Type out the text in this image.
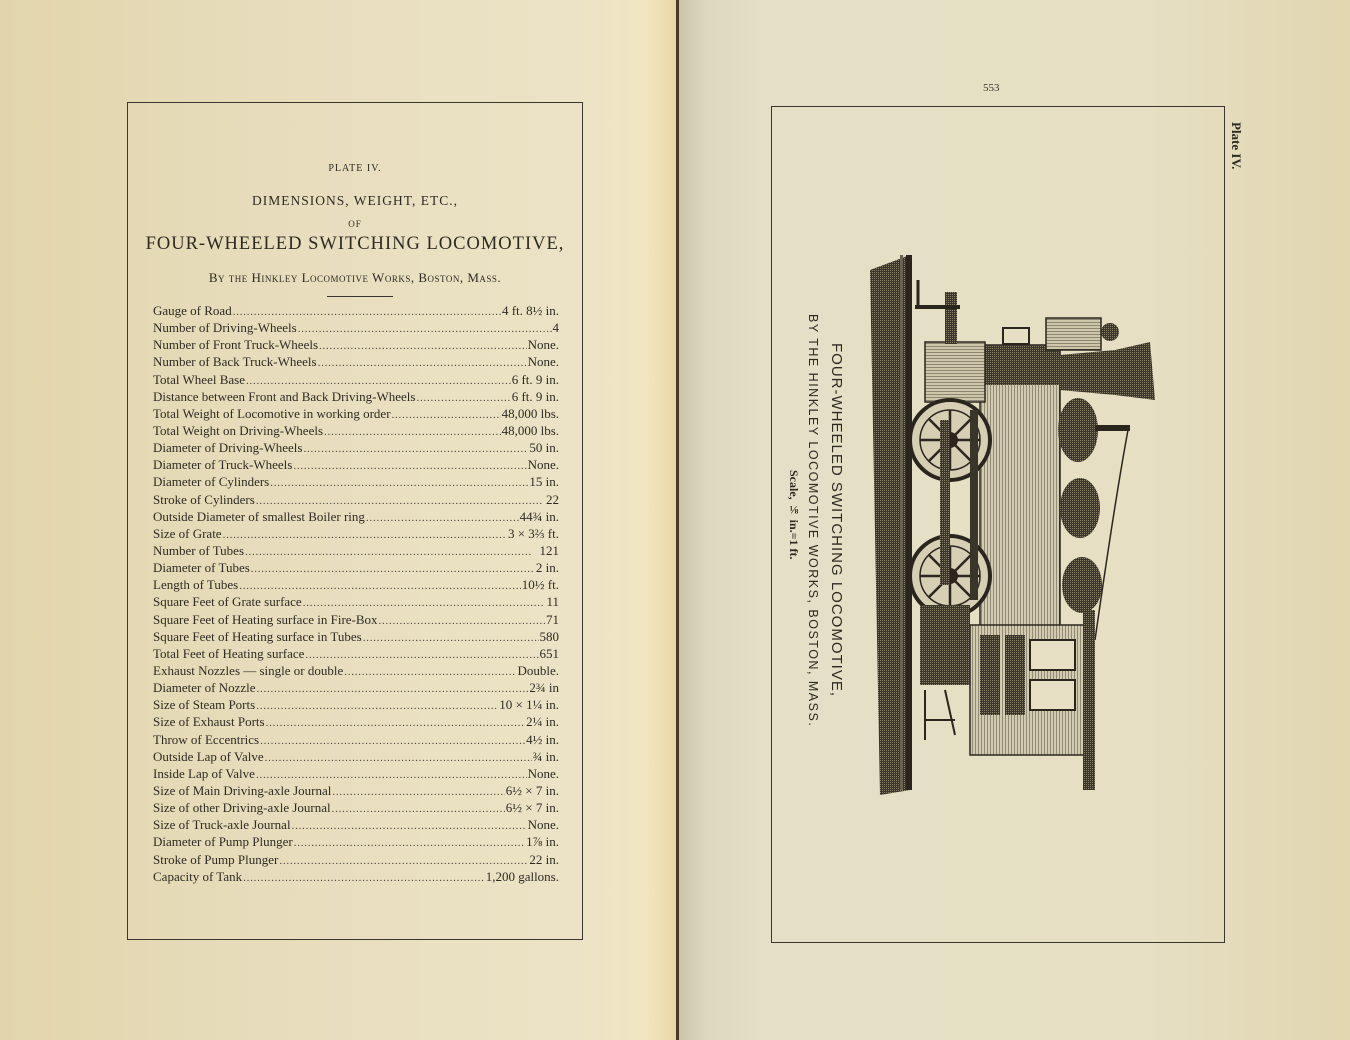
PLATE IV.
DIMENSIONS, WEIGHT, ETC.,
OF
FOUR-WHEELED SWITCHING LOCOMOTIVE,
By the Hinkley Locomotive Works, Boston, Mass.
Gauge of Road . . .	4 ft. 8½ in.
Number of Driving-Wheels . . .	4
Number of Front Truck-Wheels . . .	None.
Number of Back Truck-Wheels . . .	None.
Total Wheel Base . . .	6 ft. 9 in.
Distance between Front and Back Driving-Wheels . . .	6 ft. 9 in.
Total Weight of Locomotive in working order . . .	48,000 lbs.
Total Weight on Driving-Wheels . . .	48,000 lbs.
Diameter of Driving-Wheels . . .	50 in.
Diameter of Truck-Wheels . . .	None.
Diameter of Cylinders . . .	15 in.
Stroke of Cylinders . . .	22
Outside Diameter of smallest Boiler ring . . .	44¾ in.
Size of Grate . . .	3 × 3⅔ ft.
Number of Tubes . . .	121
Diameter of Tubes . . .	2 in.
Length of Tubes . . .	10½ ft.
Square Feet of Grate surface . . .	11
Square Feet of Heating surface in Fire-Box . . .	71
Square Feet of Heating surface in Tubes . . .	580
Total Feet of Heating surface . . .	651
Exhaust Nozzles — single or double . . .	Double.
Diameter of Nozzle . . .	2¾ in
Size of Steam Ports . . .	10 × 1¼ in.
Size of Exhaust Ports . . .	2¼ in.
Throw of Eccentrics . . .	4½ in.
Outside Lap of Valve . . .	¾ in.
Inside Lap of Valve . . .	None.
Size of Main Driving-axle Journal . . .	6½ × 7 in.
Size of other Driving-axle Journal . . .	6½ × 7 in.
Size of Truck-axle Journal . . .	None.
Diameter of Pump Plunger . . .	1⅞ in.
Stroke of Pump Plunger . . .	22 in.
Capacity of Tank . . .	1,200 gallons.
553
Plate IV.
FOUR-WHEELED SWITCHING LOCOMOTIVE,
BY THE HINKLEY LOCOMOTIVE WORKS, BOSTON, MASS.
Scale, ⅛ in.=1 ft.
